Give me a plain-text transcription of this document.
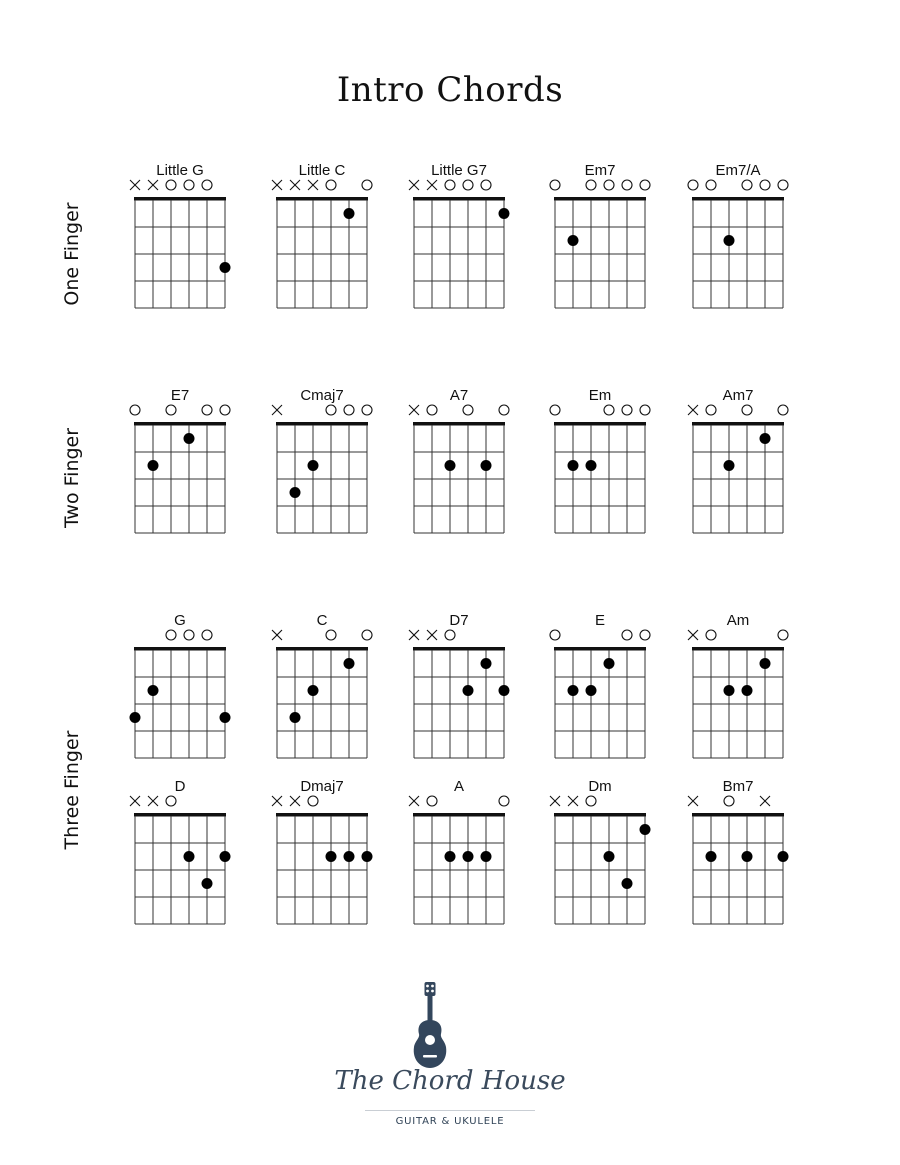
Intro Chords
One Finger
Two Finger
Three Finger
Little G	Little C	Little G7	Em7	Em7/A
E7	Cmaj7	A7	Em	Am7
G	C	D7	E	Am
D	Dmaj7	A	Dm	Bm7
The Chord House
GUITAR & UKULELE
